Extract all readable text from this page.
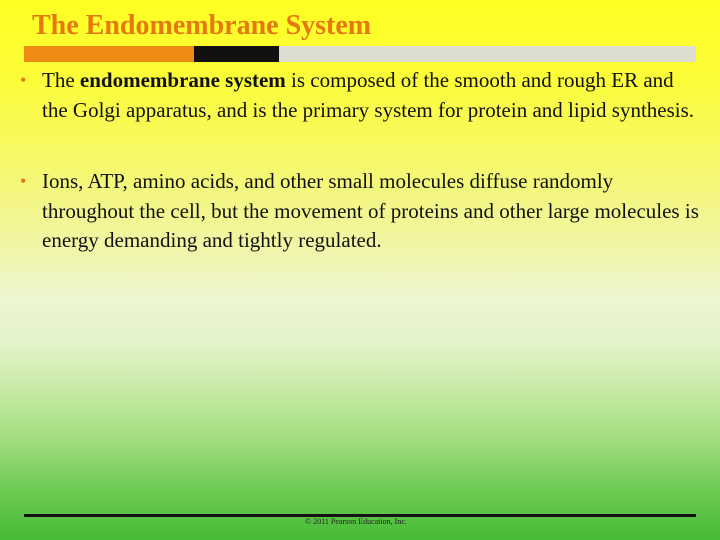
The Endomembrane System
• The endomembrane system is composed of the smooth and rough ER and the Golgi apparatus, and is the primary system for protein and lipid synthesis.
• Ions, ATP, amino acids, and other small molecules diffuse randomly throughout the cell, but the movement of proteins and other large molecules is energy demanding and tightly regulated.
© 2011 Pearson Education, Inc.
